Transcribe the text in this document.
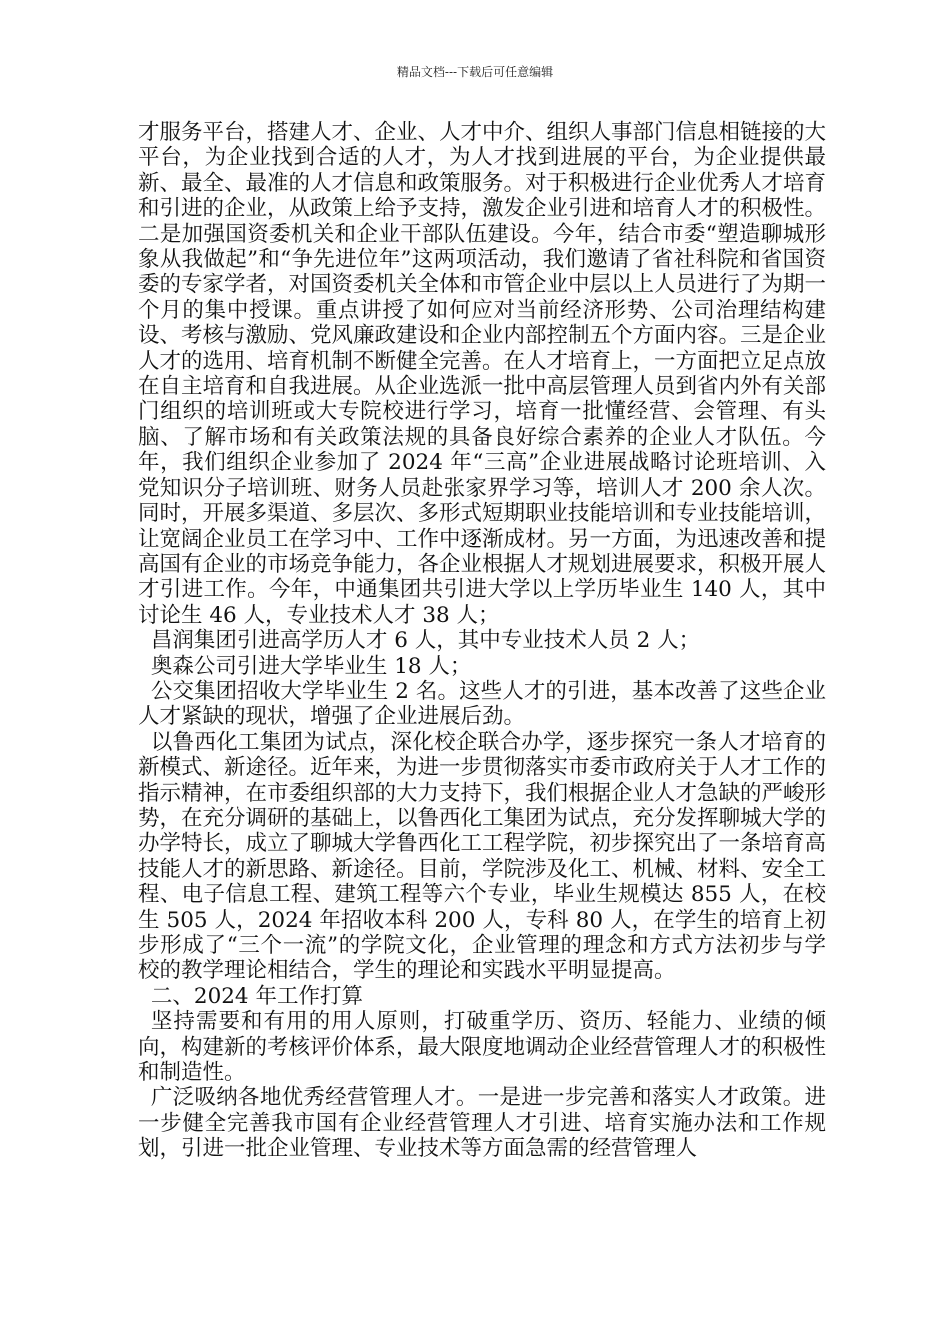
精品文档---下载后可任意编辑

才服务平台，搭建人才、企业、人才中介、组织人事部门信息相链接的大平台，为企业找到合适的人才，为人才找到进展的平台，为企业提供最新、最全、最准的人才信息和政策服务。对于积极进行企业优秀人才培育和引进的企业，从政策上给予支持，激发企业引进和培育人才的积极性。二是加强国资委机关和企业干部队伍建设。今年，结合市委“塑造聊城形象从我做起”和“争先进位年”这两项活动，我们邀请了省社科院和省国资委的专家学者，对国资委机关全体和市管企业中层以上人员进行了为期一个月的集中授课。重点讲授了如何应对当前经济形势、公司治理结构建设、考核与激励、党风廉政建设和企业内部控制五个方面内容。三是企业人才的选用、培育机制不断健全完善。在人才培育上，一方面把立足点放在自主培育和自我进展。从企业选派一批中高层管理人员到省内外有关部门组织的培训班或大专院校进行学习，培育一批懂经营、会管理、有头脑、了解市场和有关政策法规的具备良好综合素养的企业人才队伍。今年，我们组织企业参加了 2024 年“三高”企业进展战略讨论班培训、入党知识分子培训班、财务人员赴张家界学习等，培训人才 200 余人次。同时，开展多渠道、多层次、多形式短期职业技能培训和专业技能培训，让宽阔企业员工在学习中、工作中逐渐成材。另一方面，为迅速改善和提高国有企业的市场竞争能力，各企业根据人才规划进展要求，积极开展人才引进工作。今年，中通集团共引进大学以上学历毕业生 140 人，其中讨论生 46 人，专业技术人才 38 人；

昌润集团引进高学历人才 6 人，其中专业技术人员 2 人；

奥森公司引进大学毕业生 18 人；

公交集团招收大学毕业生 2 名。这些人才的引进，基本改善了这些企业人才紧缺的现状，增强了企业进展后劲。

以鲁西化工集团为试点，深化校企联合办学，逐步探究一条人才培育的新模式、新途径。近年来，为进一步贯彻落实市委市政府关于人才工作的指示精神，在市委组织部的大力支持下，我们根据企业人才急缺的严峻形势，在充分调研的基础上，以鲁西化工集团为试点，充分发挥聊城大学的办学特长，成立了聊城大学鲁西化工工程学院，初步探究出了一条培育高技能人才的新思路、新途径。目前，学院涉及化工、机械、材料、安全工程、电子信息工程、建筑工程等六个专业，毕业生规模达 855 人，在校生 505 人，2024 年招收本科 200 人，专科 80 人，在学生的培育上初步形成了“三个一流”的学院文化，企业管理的理念和方式方法初步与学校的教学理论相结合，学生的理论和实践水平明显提高。

二、2024 年工作打算

坚持需要和有用的用人原则，打破重学历、资历、轻能力、业绩的倾向，构建新的考核评价体系，最大限度地调动企业经营管理人才的积极性和制造性。

广泛吸纳各地优秀经营管理人才。一是进一步完善和落实人才政策。进一步健全完善我市国有企业经营管理人才引进、培育实施办法和工作规划，引进一批企业管理、专业技术等方面急需的经营管理人
